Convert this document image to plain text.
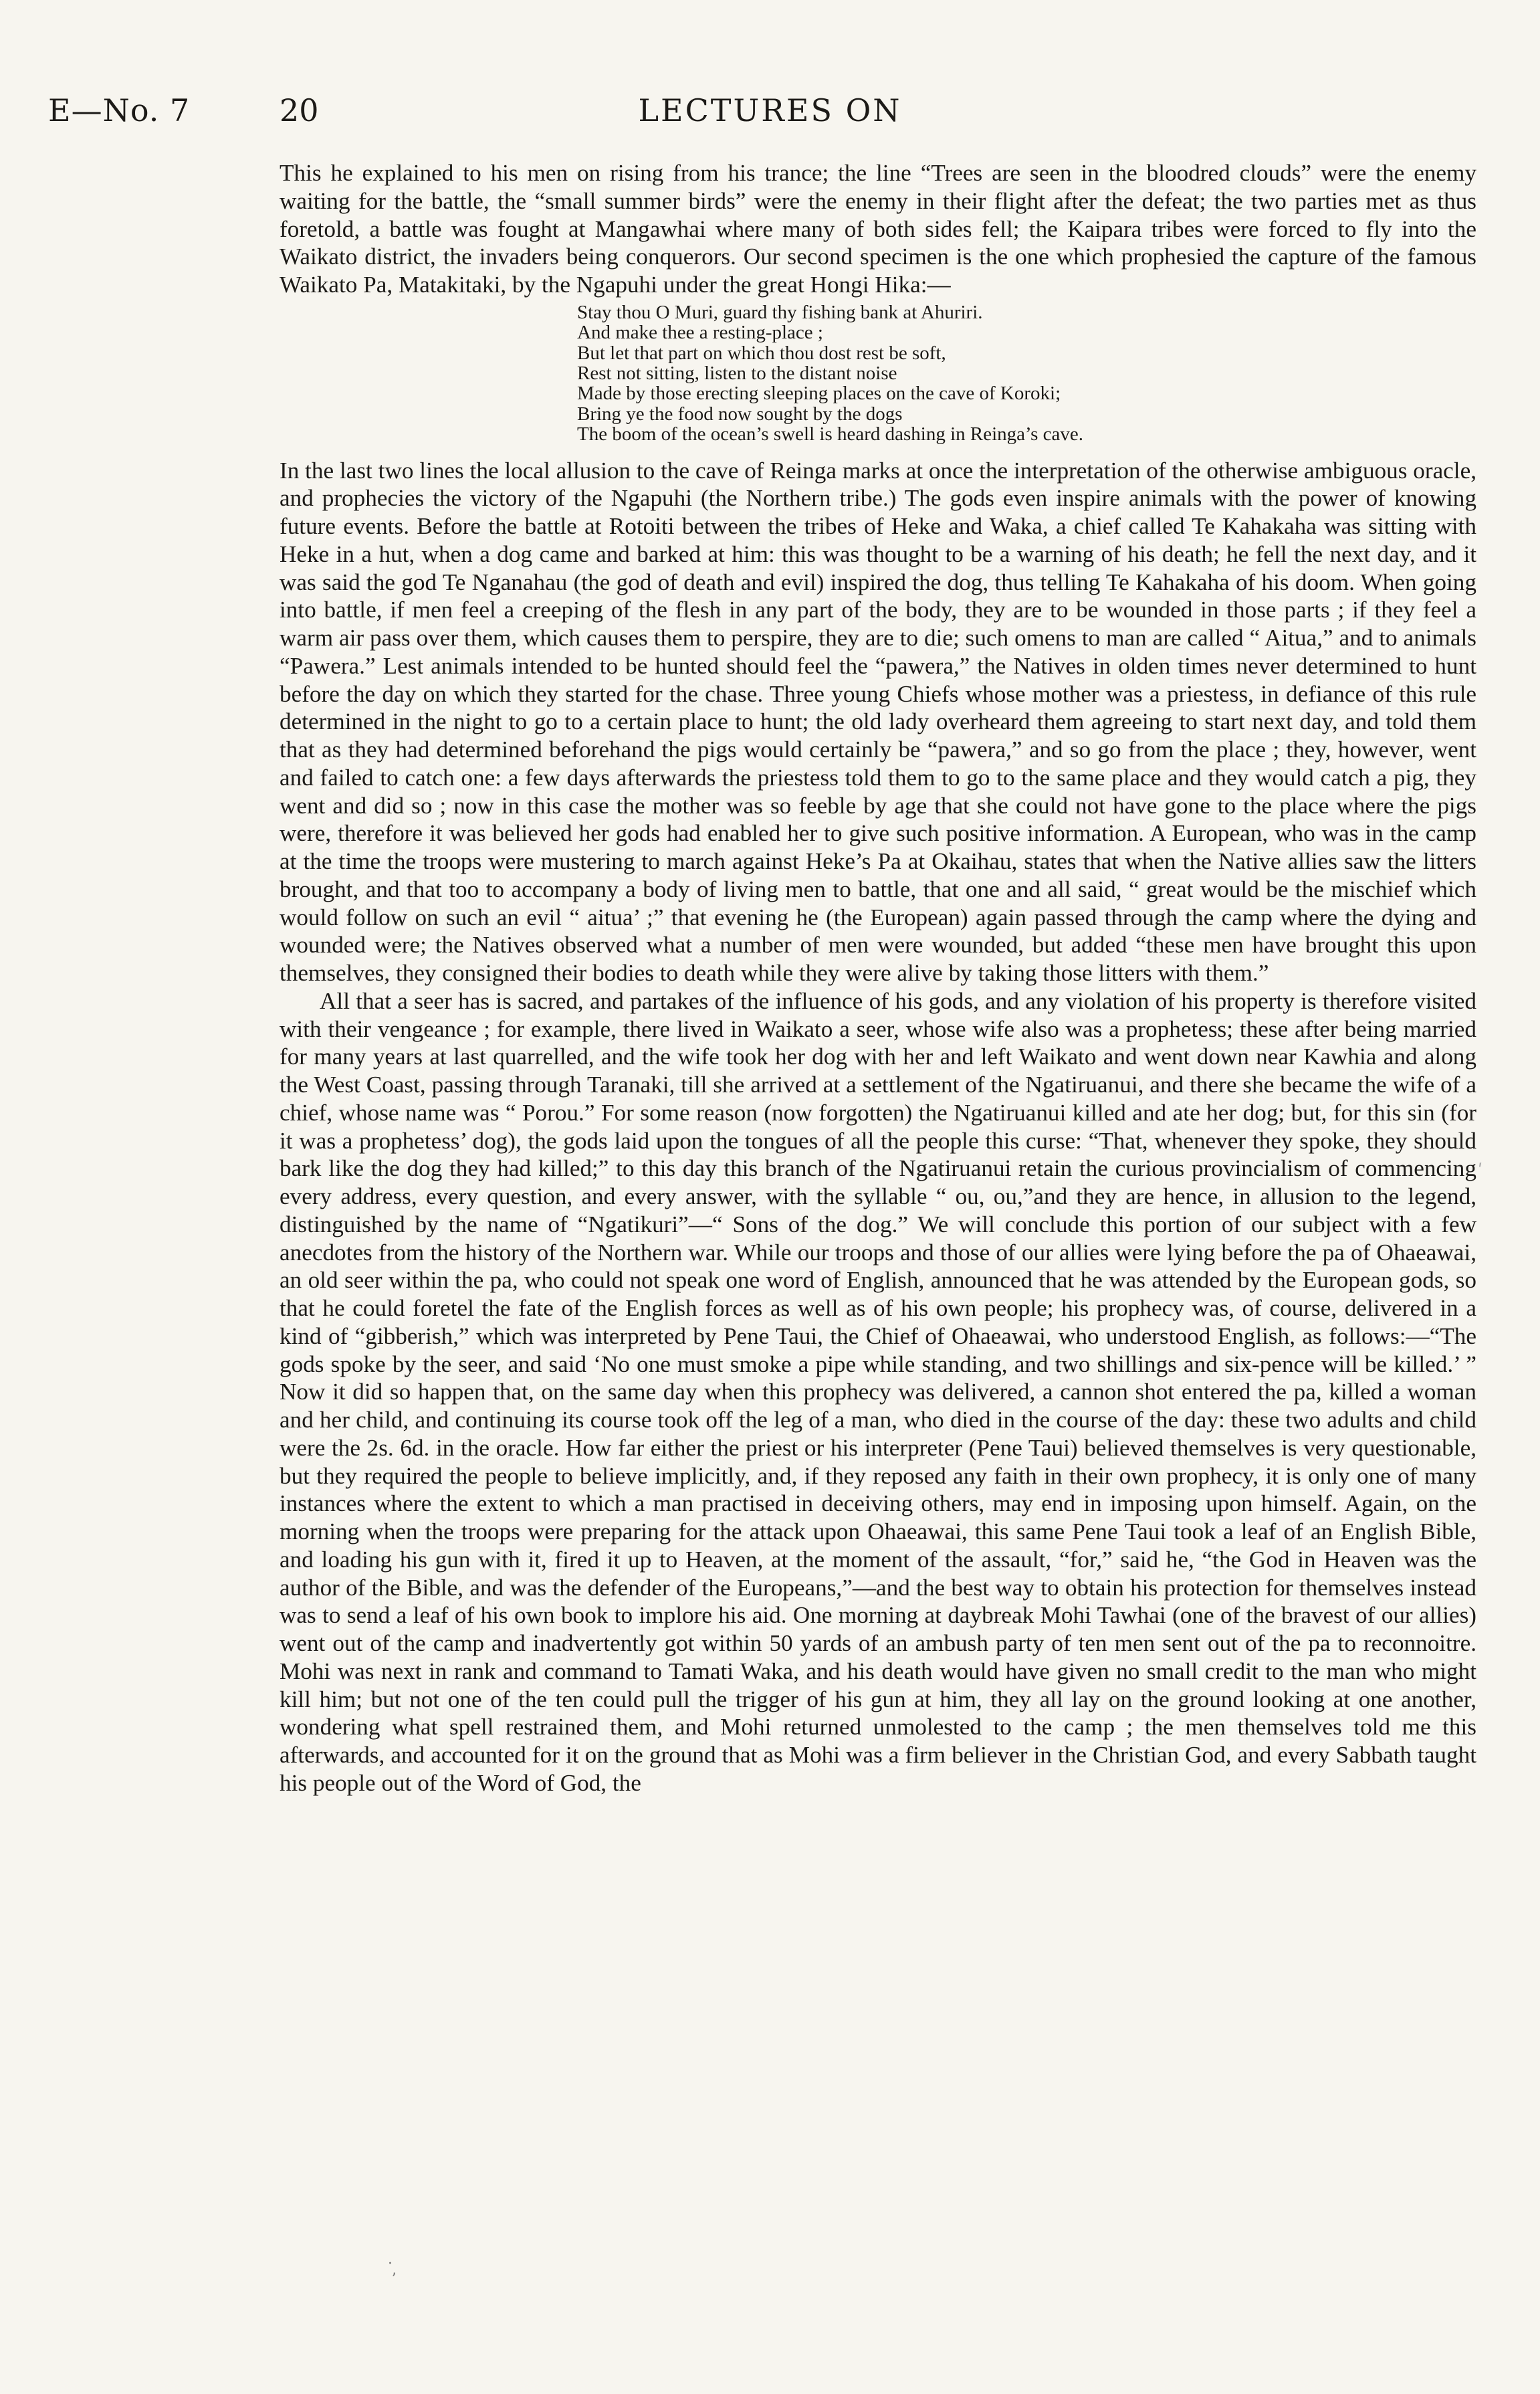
E—No. 7	20	LECTURES ON

This he explained to his men on rising from his trance; the line “Trees are seen in the bloodred clouds” were the enemy waiting for the battle, the “small summer birds” were the enemy in their flight after the defeat; the two parties met as thus foretold, a battle was fought at Mangawhai where many of both sides fell; the Kaipara tribes were forced to fly into the Waikato district, the invaders being conquerors. Our second specimen is the one which prophesied the capture of the famous Waikato Pa, Matakitaki, by the Ngapuhi under the great Hongi Hika:—

Stay thou O Muri, guard thy fishing bank at Ahuriri.
And make thee a resting-place ;
But let that part on which thou dost rest be soft,
Rest not sitting, listen to the distant noise
Made by those erecting sleeping places on the cave of Koroki;
Bring ye the food now sought by the dogs
The boom of the ocean’s swell is heard dashing in Reinga’s cave.

In the last two lines the local allusion to the cave of Reinga marks at once the interpretation of the otherwise ambiguous oracle, and prophecies the victory of the Ngapuhi (the Northern tribe.) The gods even inspire animals with the power of knowing future events. Before the battle at Rotoiti between the tribes of Heke and Waka, a chief called Te Kahakaha was sitting with Heke in a hut, when a dog came and barked at him: this was thought to be a warning of his death; he fell the next day, and it was said the god Te Nganahau (the god of death and evil) inspired the dog, thus telling Te Kahakaha of his doom. When going into battle, if men feel a creeping of the flesh in any part of the body, they are to be wounded in those parts ; if they feel a warm air pass over them, which causes them to perspire, they are to die; such omens to man are called “ Aitua,” and to animals “Pawera.” Lest animals intended to be hunted should feel the “pawera,” the Natives in olden times never determined to hunt before the day on which they started for the chase. Three young Chiefs whose mother was a priestess, in defiance of this rule determined in the night to go to a certain place to hunt; the old lady overheard them agreeing to start next day, and told them that as they had determined beforehand the pigs would certainly be “pawera,” and so go from the place ; they, however, went and failed to catch one: a few days afterwards the priestess told them to go to the same place and they would catch a pig, they went and did so ; now in this case the mother was so feeble by age that she could not have gone to the place where the pigs were, therefore it was believed her gods had enabled her to give such positive information. A European, who was in the camp at the time the troops were mustering to march against Heke’s Pa at Okaihau, states that when the Native allies saw the litters brought, and that too to accompany a body of living men to battle, that one and all said, “ great would be the mischief which would follow on such an evil “ aitua’ ;” that evening he (the European) again passed through the camp where the dying and wounded were; the Natives observed what a number of men were wounded, but added “these men have brought this upon themselves, they consigned their bodies to death while they were alive by taking those litters with them.”

All that a seer has is sacred, and partakes of the influence of his gods, and any violation of his property is therefore visited with their vengeance ; for example, there lived in Waikato a seer, whose wife also was a prophetess; these after being married for many years at last quarrelled, and the wife took her dog with her and left Waikato and went down near Kawhia and along the West Coast, passing through Taranaki, till she arrived at a settlement of the Ngatiruanui, and there she became the wife of a chief, whose name was “ Porou.” For some reason (now forgotten) the Ngatiruanui killed and ate her dog; but, for this sin (for it was a prophetess’ dog), the gods laid upon the tongues of all the people this curse: “That, whenever they spoke, they should bark like the dog they had killed;” to this day this branch of the Ngatiruanui retain the curious provincialism of commencing every address, every question, and every answer, with the syllable “ ou, ou,”and they are hence, in allusion to the legend, distinguished by the name of “Ngatikuri”—“ Sons of the dog.” We will conclude this portion of our subject with a few anecdotes from the history of the Northern war. While our troops and those of our allies were lying before the pa of Ohaeawai, an old seer within the pa, who could not speak one word of English, announced that he was attended by the European gods, so that he could foretel the fate of the English forces as well as of his own people; his prophecy was, of course, delivered in a kind of “gibberish,” which was interpreted by Pene Taui, the Chief of Ohaeawai, who understood English, as follows:—“The gods spoke by the seer, and said ‘No one must smoke a pipe while standing, and two shillings and six-pence will be killed.’ ” Now it did so happen that, on the same day when this prophecy was delivered, a cannon shot entered the pa, killed a woman and her child, and continuing its course took off the leg of a man, who died in the course of the day: these two adults and child were the 2s. 6d. in the oracle. How far either the priest or his interpreter (Pene Taui) believed themselves is very questionable, but they required the people to believe implicitly, and, if they reposed any faith in their own prophecy, it is only one of many instances where the extent to which a man practised in deceiving others, may end in imposing upon himself. Again, on the morning when the troops were preparing for the attack upon Ohaeawai, this same Pene Taui took a leaf of an English Bible, and loading his gun with it, fired it up to Heaven, at the moment of the assault, “for,” said he, “the God in Heaven was the author of the Bible, and was the defender of the Europeans,”—and the best way to obtain his protection for themselves instead was to send a leaf of his own book to implore his aid. One morning at daybreak Mohi Tawhai (one of the bravest of our allies) went out of the camp and inadvertently got within 50 yards of an ambush party of ten men sent out of the pa to reconnoitre. Mohi was next in rank and command to Tamati Waka, and his death would have given no small credit to the man who might kill him; but not one of the ten could pull the trigger of his gun at him, they all lay on the ground looking at one another, wondering what spell restrained them, and Mohi returned unmolested to the camp ; the men themselves told me this afterwards, and accounted for it on the ground that as Mohi was a firm believer in the Christian God, and every Sabbath taught his people out of the Word of God, the

·
ʼ
ʹ
